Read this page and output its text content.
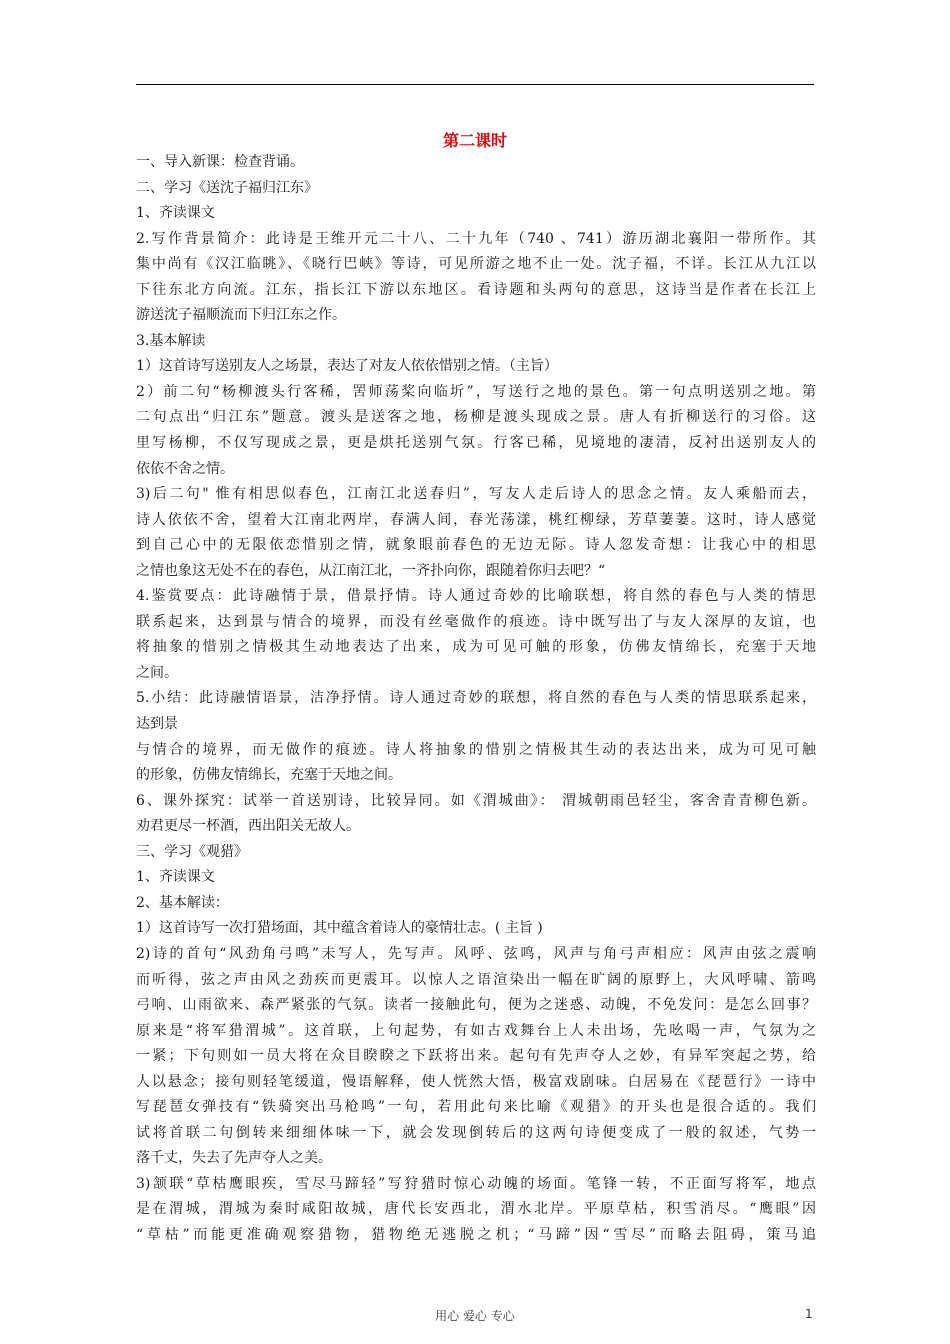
第二课时
一、导入新课：检查背诵。
二、学习《送沈子福归江东》
1、齐读课文
2.写作背景简介：此诗是王维开元二十八、二十九年（740 、741）游历湖北襄阳一带所作。其
集中尚有《汉江临眺》、《晓行巴峡》等诗，可见所游之地不止一处。沈子福，不详。长江从九江以
下往东北方向流。江东，指长江下游以东地区。看诗题和头两句的意思，这诗当是作者在长江上
游送沈子福顺流而下归江东之作。
3.基本解读
1）这首诗写送别友人之场景，表达了对友人依依惜别之情。（主旨）
2）前二句“杨柳渡头行客稀，罟师荡桨向临圻”，写送行之地的景色。第一句点明送别之地。第
二句点出“归江东”题意。渡头是送客之地，杨柳是渡头现成之景。唐人有折柳送行的习俗。这
里写杨柳，不仅写现成之景，更是烘托送别气氛。行客已稀，见境地的凄清，反衬出送别友人的
依依不舍之情。
3)后二句" 惟有相思似春色，江南江北送春归”，写友人走后诗人的思念之情。友人乘船而去，
诗人依依不舍，望着大江南北两岸，春满人间，春光荡漾，桃红柳绿，芳草萋萋。这时，诗人感觉
到自己心中的无限依恋惜别之情，就象眼前春色的无边无际。诗人忽发奇想：让我心中的相思
之情也象这无处不在的春色，从江南江北，一齐扑向你，跟随着你归去吧？“
4.鉴赏要点：此诗融情于景，借景抒情。诗人通过奇妙的比喻联想，将自然的春色与人类的情思
联系起来，达到景与情合的境界，而没有丝毫做作的痕迹。诗中既写出了与友人深厚的友谊，也
将抽象的惜别之情极其生动地表达了出来，成为可见可触的形象，仿佛友情绵长，充塞于天地
之间。
5.小结：此诗融情语景，洁净抒情。诗人通过奇妙的联想，将自然的春色与人类的情思联系起来，
达到景
与情合的境界，而无做作的痕迹。诗人将抽象的惜别之情极其生动的表达出来，成为可见可触
的形象，仿佛友情绵长，充塞于天地之间。
6、课外探究：试举一首送别诗，比较异同。如《渭城曲》： 渭城朝雨邑轻尘，客舍青青柳色新。
劝君更尽一杯酒，西出阳关无故人。
三、学习《观猎》
1、齐读课文
2、基本解读：
1）这首诗写一次打猎场面，其中蕴含着诗人的豪情壮志。( 主旨 )
2)诗的首句“风劲角弓鸣”未写人，先写声。风呼、弦鸣，风声与角弓声相应：风声由弦之震响
而听得，弦之声由风之劲疾而更震耳。以惊人之语渲染出一幅在旷阔的原野上，大风呼啸、箭鸣
弓响、山雨欲来、森严紧张的气氛。读者一接触此句，便为之迷惑、动魄，不免发问：是怎么回事？
原来是“将军猎渭城”。这首联，上句起势，有如古戏舞台上人未出场，先吆喝一声，气氛为之
一紧；下句则如一员大将在众目睽睽之下跃将出来。起句有先声夺人之妙，有异军突起之势，给
人以悬念；接句则轻笔缓道，慢语解释，使人恍然大悟，极富戏剧味。白居易在《琵琶行》一诗中
写琵琶女弹技有“铁骑突出马枪鸣”一句，若用此句来比喻《观猎》的开头也是很合适的。我们
试将首联二句倒转来细细体味一下，就会发现倒转后的这两句诗便变成了一般的叙述，气势一
落千丈，失去了先声夺人之美。
3)颔联“草枯鹰眼疾，雪尽马蹄轻”写狩猎时惊心动魄的场面。笔锋一转，不正面写将军，地点
是在渭城，渭城为秦时咸阳故城，唐代长安西北，渭水北岸。平原草枯，积雪消尽。“鹰眼”因
“草枯”而能更准确观察猎物，猎物绝无逃脱之机；“马蹄”因“雪尽”而略去阻碍，策马追
用心 爱心 专心	1
